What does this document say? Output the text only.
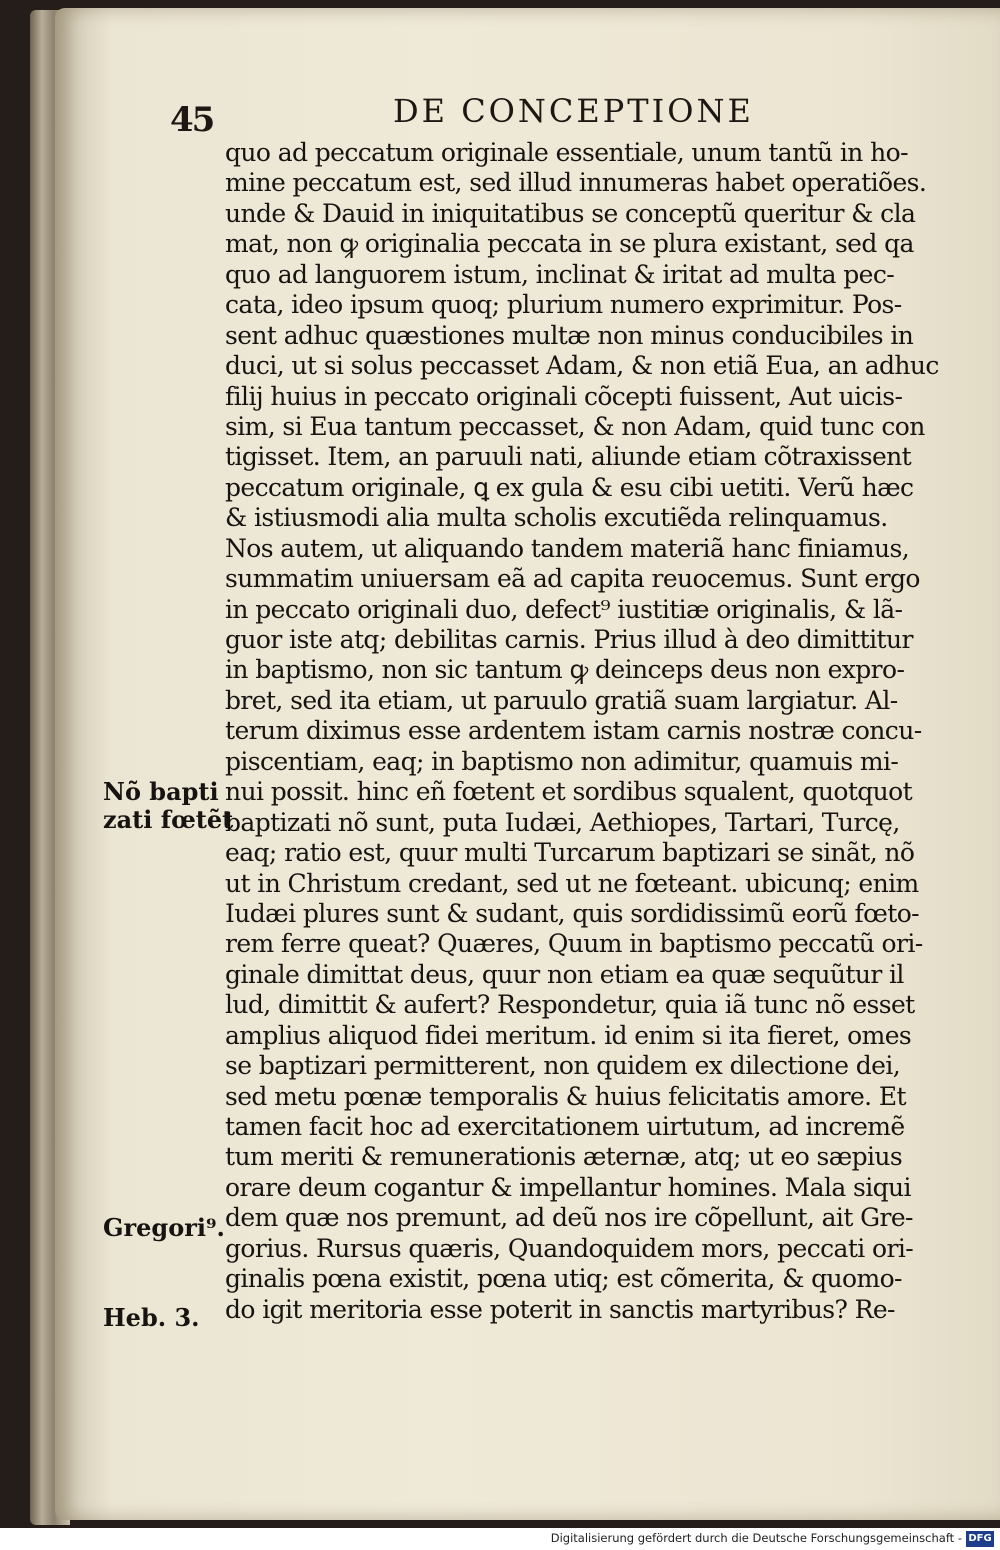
45	DE CONCEPTIONE
quo ad peccatum originale essentiale, unum tantũ in ho-
mine peccatum est, sed illud innumeras habet operatiões.
unde & Dauid in iniquitatibus se conceptũ queritur & cla
mat, non ꝙ originalia peccata in se plura existant, sed qa
quo ad languorem istum, inclinat & iritat ad multa pec-
cata, ideo ipsum quoq; plurium numero exprimitur. Pos-
sent adhuc quæstiones multæ non minus conducibiles in
duci, ut si solus peccasset Adam, & non etiã Eua, an adhuc
filij huius in peccato originali cõcepti fuissent, Aut uicis-
sim, si Eua tantum peccasset, & non Adam, quid tunc con
tigisset. Item, an paruuli nati, aliunde etiam cõtraxissent
peccatum originale, ꝗ ex gula & esu cibi uetiti. Verũ hæc
& istiusmodi alia multa scholis excutiẽda relinquamus.
Nos autem, ut aliquando tandem materiã hanc finiamus,
summatim uniuersam eã ad capita reuocemus. Sunt ergo
in peccato originali duo, defect⁹ iustitiæ originalis, & lã-
guor iste atq; debilitas carnis. Prius illud à deo dimittitur
in baptismo, non sic tantum ꝙ deinceps deus non expro-
bret, sed ita etiam, ut paruulo gratiã suam largiatur. Al-
terum diximus esse ardentem istam carnis nostræ concu-
piscentiam, eaq; in baptismo non adimitur, quamuis mi-
nui possit. hinc eñ fœtent et sordibus squalent, quotquot
baptizati nõ sunt, puta Iudæi, Aethiopes, Tartari, Turcę,
eaq; ratio est, quur multi Turcarum baptizari se sinãt, nõ
ut in Christum credant, sed ut ne fœteant. ubicunq; enim
Iudæi plures sunt & sudant, quis sordidissimũ eorũ fœto-
rem ferre queat? Quæres, Quum in baptismo peccatũ ori-
ginale dimittat deus, quur non etiam ea quæ sequũtur il
lud, dimittit & aufert? Respondetur, quia iã tunc nõ esset
amplius aliquod fidei meritum. id enim si ita fieret, omes
se baptizari permitterent, non quidem ex dilectione dei,
sed metu pœnæ temporalis & huius felicitatis amore. Et
tamen facit hoc ad exercitationem uirtutum, ad incremẽ
tum meriti & remunerationis æternæ, atq; ut eo sæpius
orare deum cogantur & impellantur homines. Mala siqui
dem quæ nos premunt, ad deũ nos ire cõpellunt, ait Gre-
gorius. Rursus quæris, Quandoquidem mors, peccati ori-
ginalis pœna existit, pœna utiq; est cõmerita, & quomo-
do igit meritoria esse poterit in sanctis martyribus? Re-
Nõ bapti
zati fœtẽt
Gregori⁹.
Heb. 3.
Digitalisierung gefördert durch die Deutsche Forschungsgemeinschaft - DFG
